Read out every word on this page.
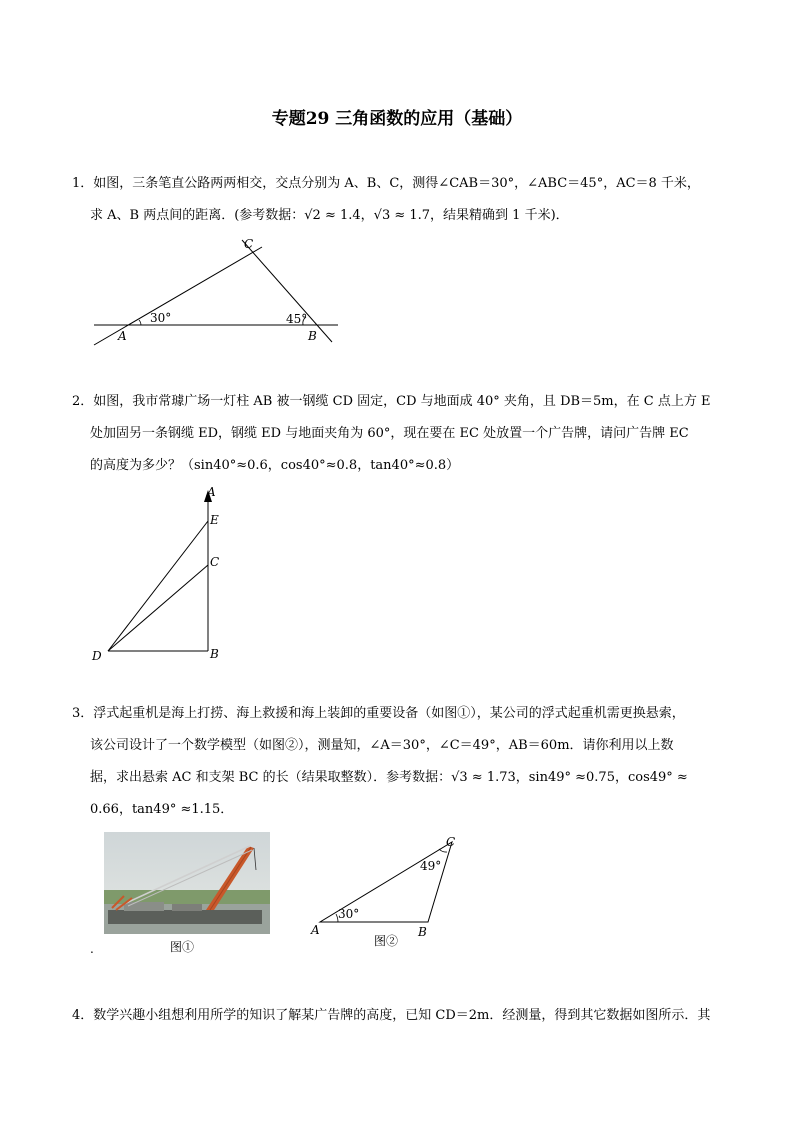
专题29 三角函数的应用（基础）
1．如图，三条笔直公路两两相交，交点分别为 A、B、C，测得∠CAB＝30°，∠ABC＝45°，AC＝8 千米，
求 A、B 两点间的距离．(参考数据：√2 ≈ 1.4，√3 ≈ 1.7，结果精确到 1 千米)．
30°	45°
A	B
C
2．如图，我市常璩广场一灯柱 AB 被一钢缆 CD 固定，CD 与地面成 40° 夹角，且 DB＝5m，在 C 点上方 E
处加固另一条钢缆 ED，钢缆 ED 与地面夹角为 60°，现在要在 EC 处放置一个广告牌，请问广告牌 EC
的高度为多少？（sin40°≈0.6，cos40°≈0.8，tan40°≈0.8）
A
E
C
D	B
3．浮式起重机是海上打捞、海上救援和海上装卸的重要设备（如图①），某公司的浮式起重机需更换悬索，
该公司设计了一个数学模型（如图②），测量知，∠A＝30°，∠C＝49°，AB＝60m．请你利用以上数
据，求出悬索 AC 和支架 BC 的长（结果取整数）．参考数据：√3 ≈ 1.73，sin49° ≈0.75，cos49° ≈
0.66，tan49° ≈1.15．
图①
.
30°
49°
A	B
C
图②
4．数学兴趣小组想利用所学的知识了解某广告牌的高度，已知 CD＝2m．经测量，得到其它数据如图所示．其
